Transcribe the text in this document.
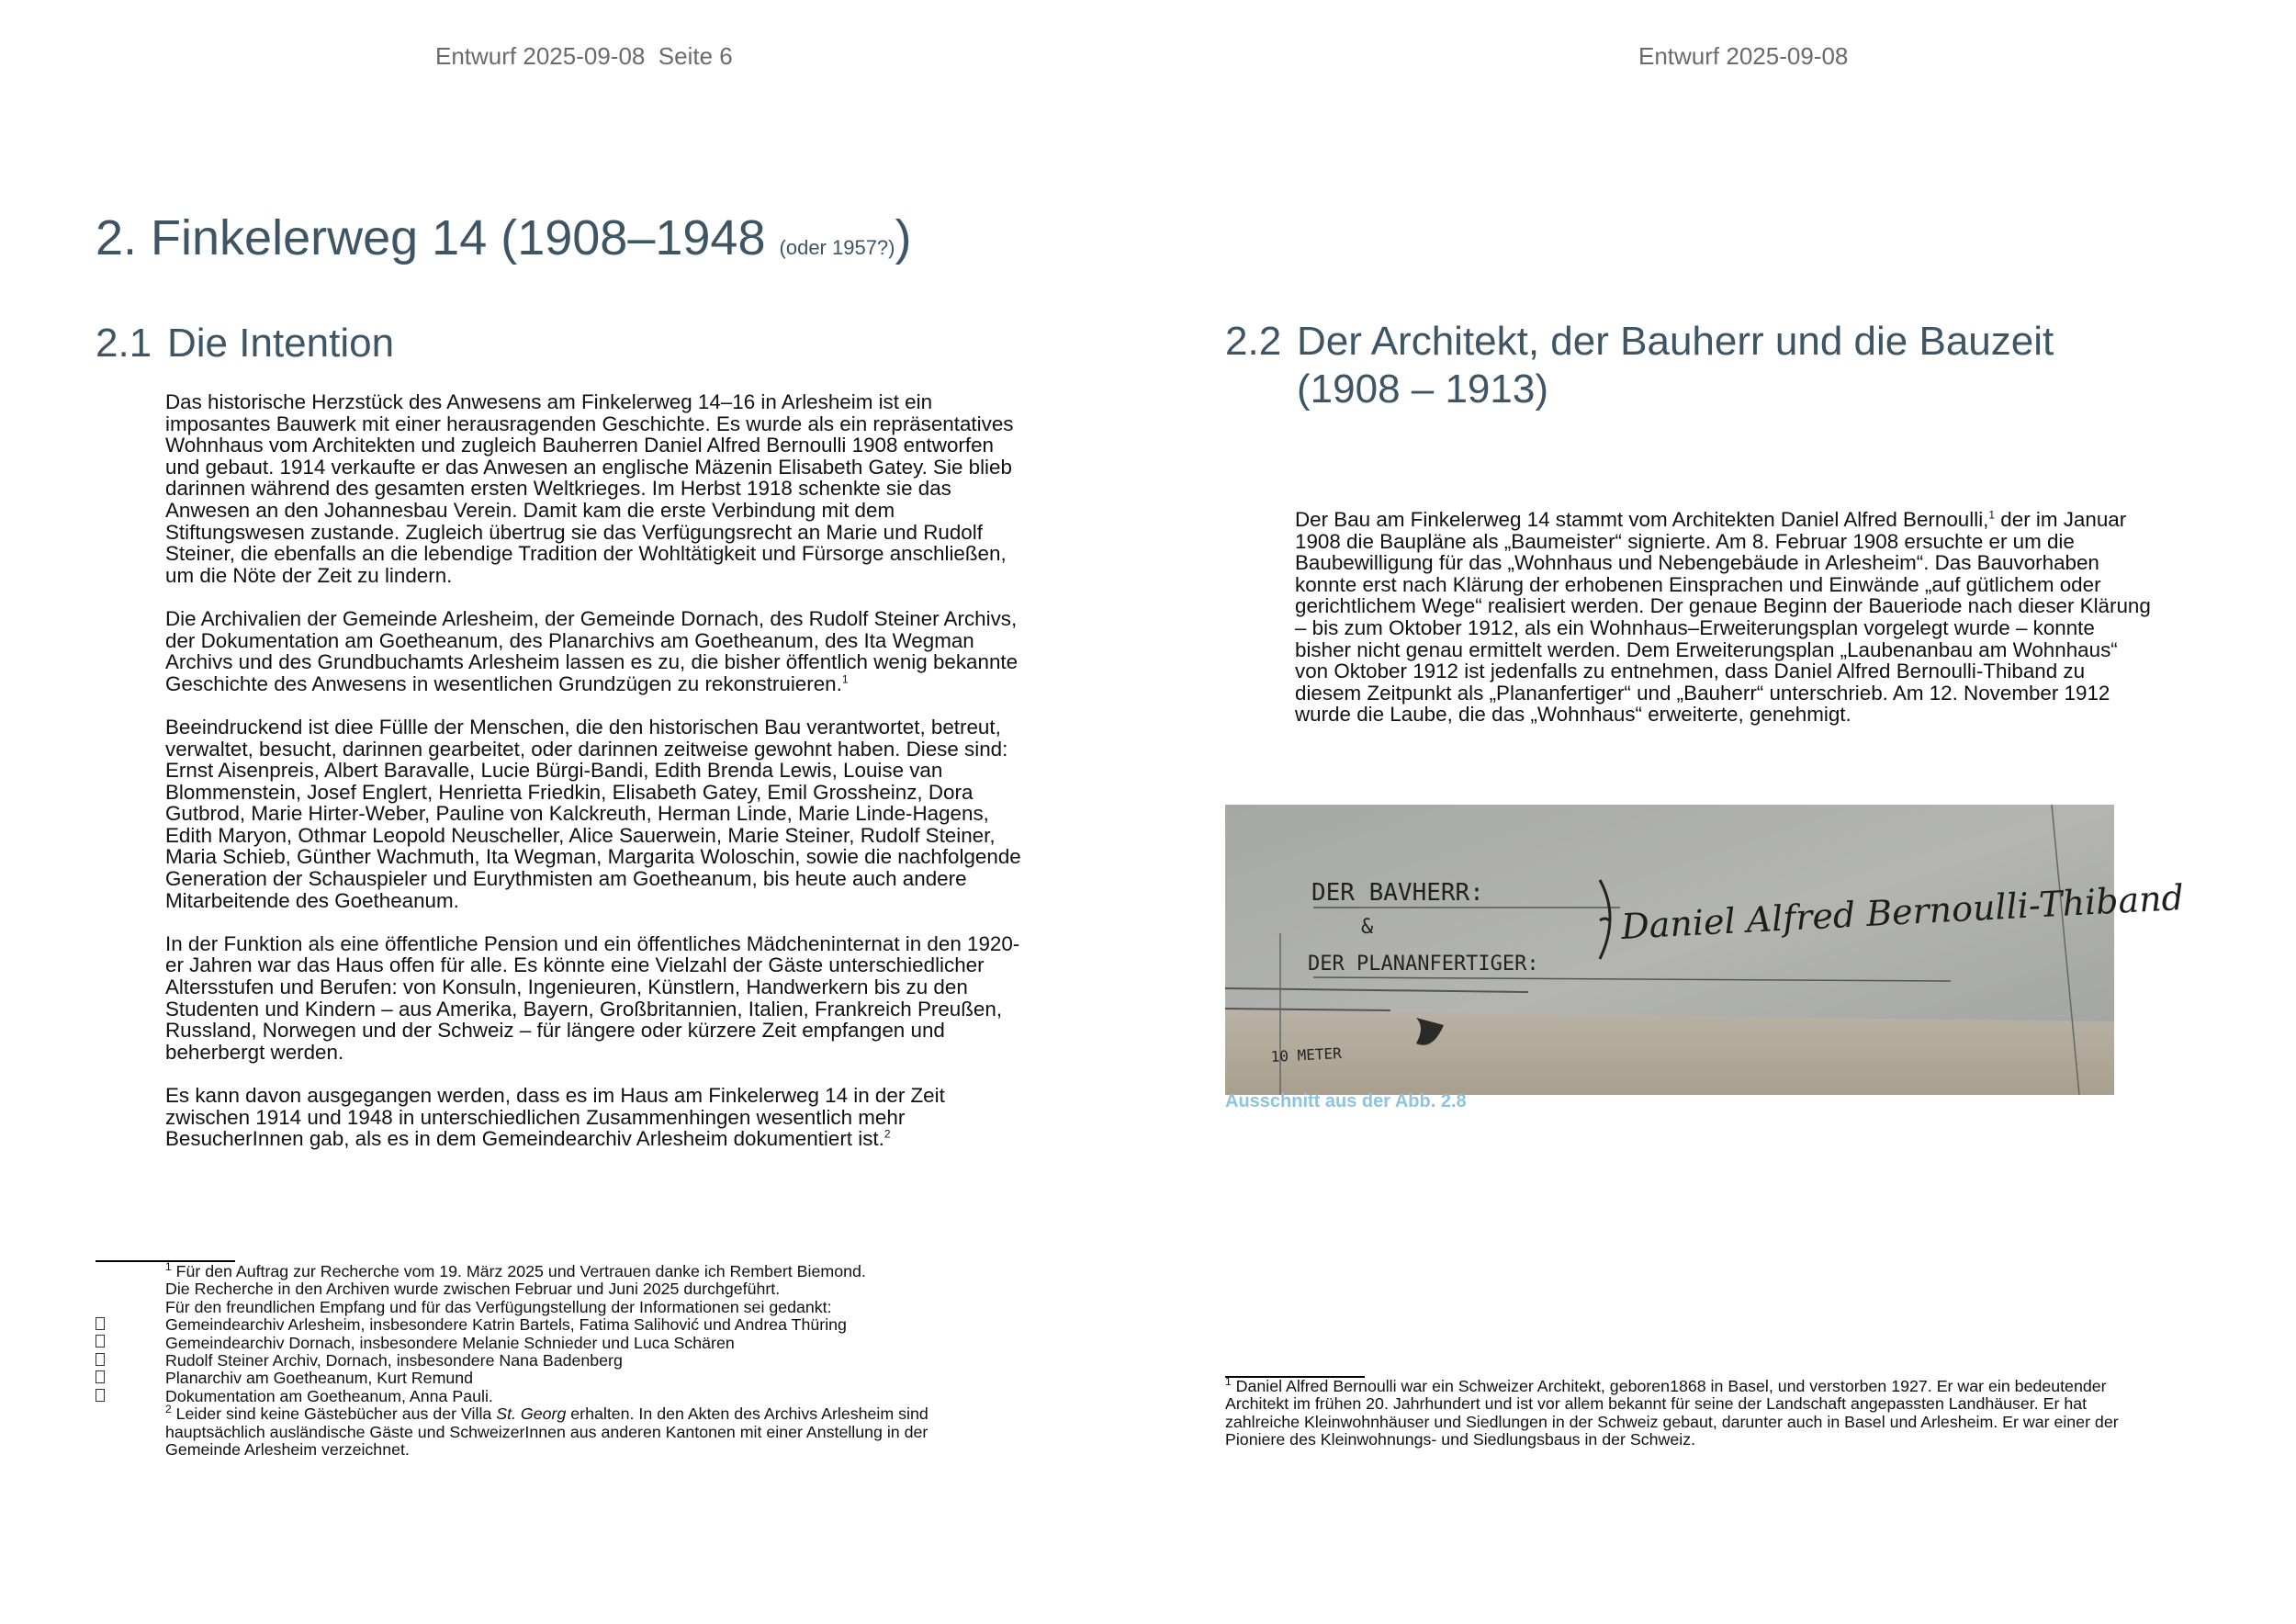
Entwurf 2025-09-08  Seite 6
2. Finkelerweg 14 (1908–1948 (oder 1957?))
2.1 Die Intention

Das historische Herzstück des Anwesens am Finkelerweg 14–16 in Arlesheim ist ein
imposantes Bauwerk mit einer herausragenden Geschichte. Es wurde als ein repräsentatives
Wohnhaus vom Architekten und zugleich Bauherren Daniel Alfred Bernoulli 1908 entworfen
und gebaut. 1914 verkaufte er das Anwesen an englische Mäzenin Elisabeth Gatey. Sie blieb
darinnen während des gesamten ersten Weltkrieges. Im Herbst 1918 schenkte sie das
Anwesen an den Johannesbau Verein. Damit kam die erste Verbindung mit dem
Stiftungswesen zustande. Zugleich übertrug sie das Verfügungsrecht an Marie und Rudolf
Steiner, die ebenfalls an die lebendige Tradition der Wohltätigkeit und Fürsorge anschließen,
um die Nöte der Zeit zu lindern.

Die Archivalien der Gemeinde Arlesheim, der Gemeinde Dornach, des Rudolf Steiner Archivs,
der Dokumentation am Goetheanum, des Planarchivs am Goetheanum, des Ita Wegman
Archivs und des Grundbuchamts Arlesheim lassen es zu, die bisher öffentlich wenig bekannte
Geschichte des Anwesens in wesentlichen Grundzügen zu rekonstruieren.$^1$

Beeindruckend ist diee Füllle der Menschen, die den historischen Bau verantwortet, betreut,
verwaltet, besucht, darinnen gearbeitet, oder darinnen zeitweise gewohnt haben. Diese sind:
Ernst Aisenpreis, Albert Baravalle, Lucie Bürgi-Bandi, Edith Brenda Lewis, Louise van
Blommenstein, Josef Englert, Henrietta Friedkin, Elisabeth Gatey, Emil Grossheinz, Dora
Gutbrod, Marie Hirter-Weber, Pauline von Kalckreuth, Herman Linde, Marie Linde-Hagens,
Edith Maryon, Othmar Leopold Neuscheller, Alice Sauerwein, Marie Steiner, Rudolf Steiner,
Maria Schieb, Günther Wachmuth, Ita Wegman, Margarita Woloschin, sowie die nachfolgende
Generation der Schauspieler und Eurythmisten am Goetheanum, bis heute auch andere
Mitarbeitende des Goetheanum.

In der Funktion als eine öffentliche Pension und ein öffentliches Mädcheninternat in den 1920-
er Jahren war das Haus offen für alle. Es könnte eine Vielzahl der Gäste unterschiedlicher
Altersstufen und Berufen: von Konsuln, Ingenieuren, Künstlern, Handwerkern bis zu den
Studenten und Kindern – aus Amerika, Bayern, Großbritannien, Italien, Frankreich Preußen,
Russland, Norwegen und der Schweiz – für längere oder kürzere Zeit empfangen und
beherbergt werden.

Es kann davon ausgegangen werden, dass es im Haus am Finkelerweg 14 in der Zeit
zwischen 1914 und 1948 in unterschiedlichen Zusammenhingen wesentlich mehr
BesucherInnen gab, als es in dem Gemeindearchiv Arlesheim dokumentiert ist.$^2$

$^1$ Für den Auftrag zur Recherche vom 19. März 2025 und Vertrauen danke ich Rembert Biemond.
Die Recherche in den Archiven wurde zwischen Februar und Juni 2025 durchgeführt.
Für den freundlichen Empfang und für das Verfügungstellung der Informationen sei gedankt:
Gemeindearchiv Arlesheim, insbesondere Katrin Bartels, Fatima Salihović und Andrea Thüring
Gemeindearchiv Dornach, insbesondere Melanie Schnieder und Luca Schären
Rudolf Steiner Archiv, Dornach, insbesondere Nana Badenberg
Planarchiv am Goetheanum, Kurt Remund
Dokumentation am Goetheanum, Anna Pauli.
$^2$ Leider sind keine Gästebücher aus der Villa St. Georg erhalten. In den Akten des Archivs Arlesheim sind
hauptsächlich ausländische Gäste und SchweizerInnen aus anderen Kantonen mit einer Anstellung in der
Gemeinde Arlesheim verzeichnet.
Entwurf 2025-09-08
2.2 Der Architekt, der Bauherr und die Bauzeit
(1908 – 1913)

Der Bau am Finkelerweg 14 stammt vom Architekten Daniel Alfred Bernoulli,$^1$ der im Januar
1908 die Baupläne als „Baumeister“ signierte. Am 8. Februar 1908 ersuchte er um die
Baubewilligung für das „Wohnhaus und Nebengebäude in Arlesheim“. Das Bauvorhaben
konnte erst nach Klärung der erhobenen Einsprachen und Einwände „auf gütlichem oder
gerichtlichem Wege“ realisiert werden. Der genaue Beginn der Baueriode nach dieser Klärung
– bis zum Oktober 1912, als ein Wohnhaus–Erweiterungsplan vorgelegt wurde – konnte
bisher nicht genau ermittelt werden. Dem Erweiterungsplan „Laubenanbau am Wohnhaus“
von Oktober 1912 ist jedenfalls zu entnehmen, dass Daniel Alfred Bernoulli-Thiband zu
diesem Zeitpunkt als „Plananfertiger“ und „Bauherr“ unterschrieb. Am 12. November 1912
wurde die Laube, die das „Wohnhaus“ erweiterte, genehmigt.

DER BAVHERR:
&
DER PLANANFERTIGER:
Daniel Alfred Bernoulli-Thiband
10 METER
Ausschnitt aus der Abb. 2.8
$^1$ Daniel Alfred Bernoulli war ein Schweizer Architekt, geboren1868 in Basel, und verstorben 1927. Er war ein bedeutender
Architekt im frühen 20. Jahrhundert und ist vor allem bekannt für seine der Landschaft angepassten Landhäuser. Er hat
zahlreiche Kleinwohnhäuser und Siedlungen in der Schweiz gebaut, darunter auch in Basel und Arlesheim. Er war einer der
Pioniere des Kleinwohnungs- und Siedlungsbaus in der Schweiz.
